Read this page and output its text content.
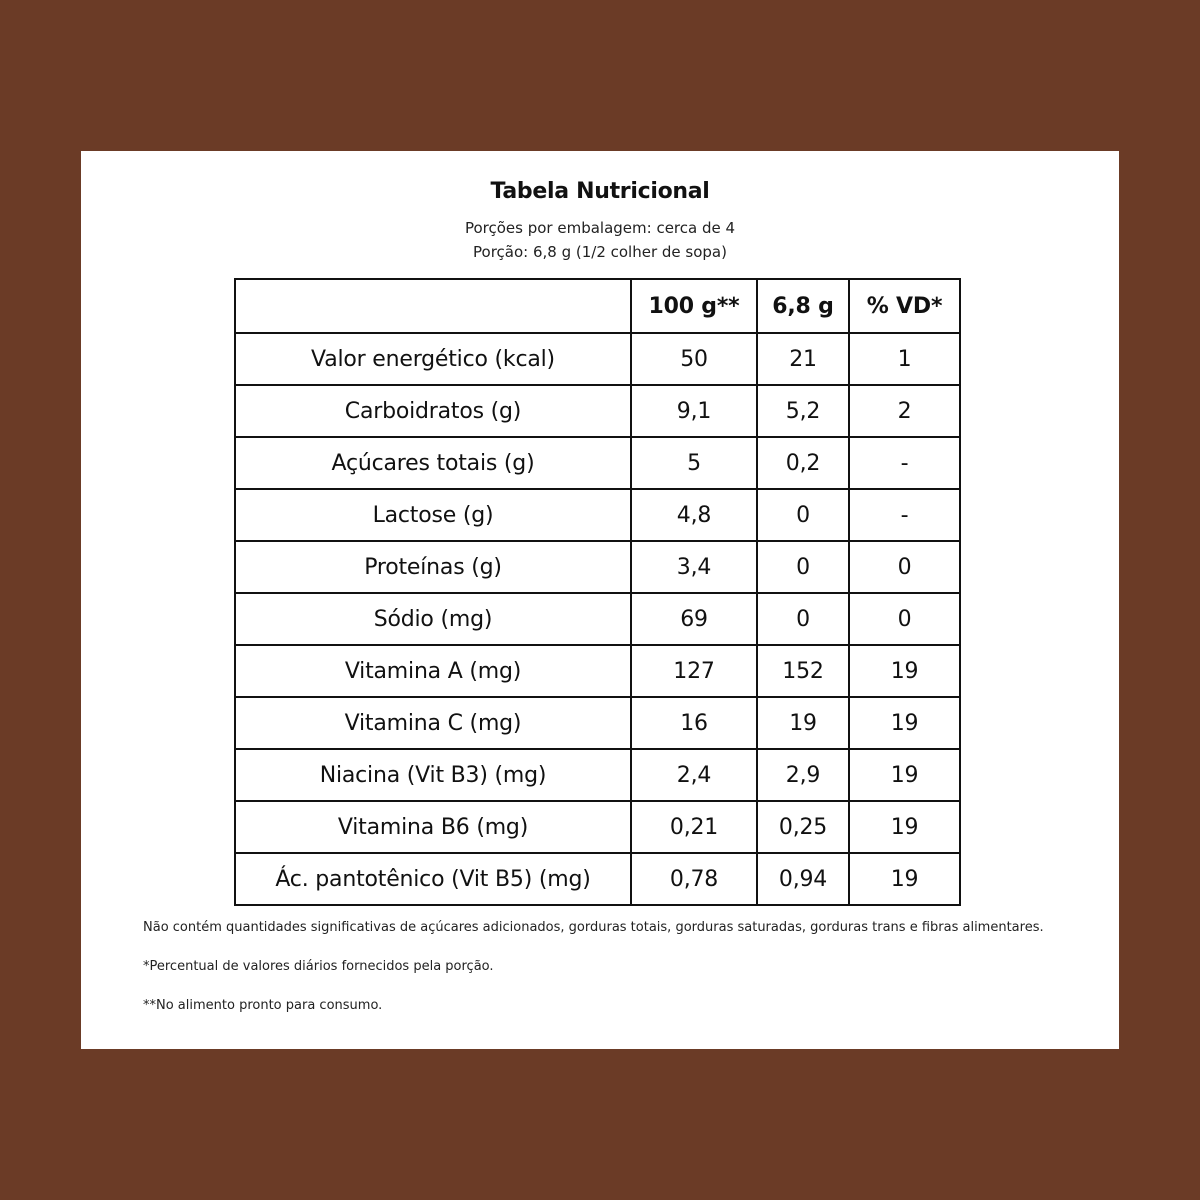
Tabela Nutricional
Porções por embalagem: cerca de 4
Porção: 6,8 g (1/2 colher de sopa)
	100 g**	6,8 g	% VD*
Valor energético (kcal)	50	21	1
Carboidratos (g)	9,1	5,2	2
Açúcares totais (g)	5	0,2	-
Lactose (g)	4,8	0	-
Proteínas (g)	3,4	0	0
Sódio (mg)	69	0	0
Vitamina A (mg)	127	152	19
Vitamina C (mg)	16	19	19
Niacina (Vit B3) (mg)	2,4	2,9	19
Vitamina B6 (mg)	0,21	0,25	19
Ác. pantotênico (Vit B5) (mg)	0,78	0,94	19
Não contém quantidades significativas de açúcares adicionados, gorduras totais, gorduras saturadas, gorduras trans e fibras alimentares.
*Percentual de valores diários fornecidos pela porção.
**No alimento pronto para consumo.
